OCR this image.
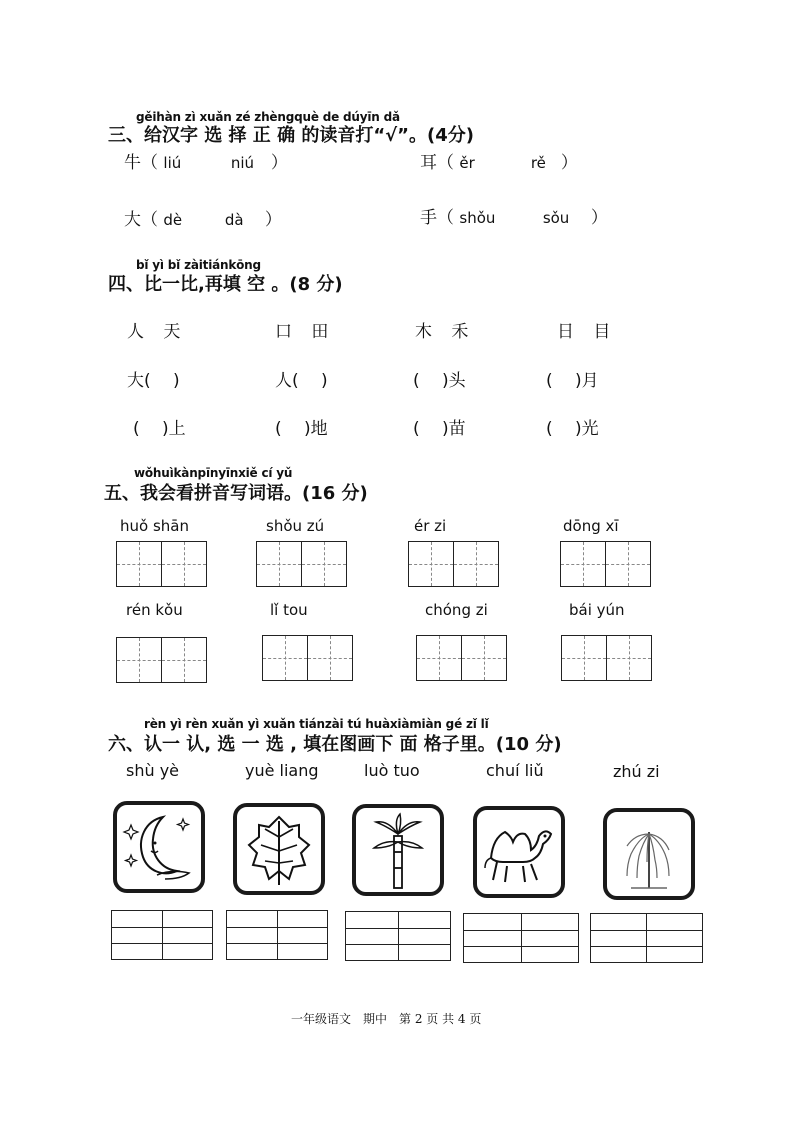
gěihàn zì xuǎn zé zhèngquè de dúyīn dǎ
三、给汉字 选 择 正 确 的读音打“√”。(4分)
牛（ liú	niú ）	耳（ ěr	rě ）
大（ dè	dà ）	手（ shǒu	sǒu ）
bǐ yì bǐ zàitiánkōng
四、比一比,再填 空 。(8 分)
人 天	口 田	木 禾	日 目
大(　 )	人(　 )	(　 )头	(　 )月
(　 )上	(　 )地	(　 )苗	(　 )光
wǒhuìkànpīnyīnxiě cí yǔ
五、我会看拼音写词语。(16 分)
huǒ shān	shǒu zú	ér zi	dōng xī
rén kǒu	lǐ tou	chóng zi	bái yún
rèn yì rèn xuǎn yì xuǎn tiánzài tú huàxiàmiàn gé zǐ lǐ
六、认一 认, 选 一 选 , 填在图画下 面 格子里。(10 分)
shù yè	yuè liang	luò tuo	chuí liǔ	zhú zi
一年级语文　期中　第 2 页 共 4 页
